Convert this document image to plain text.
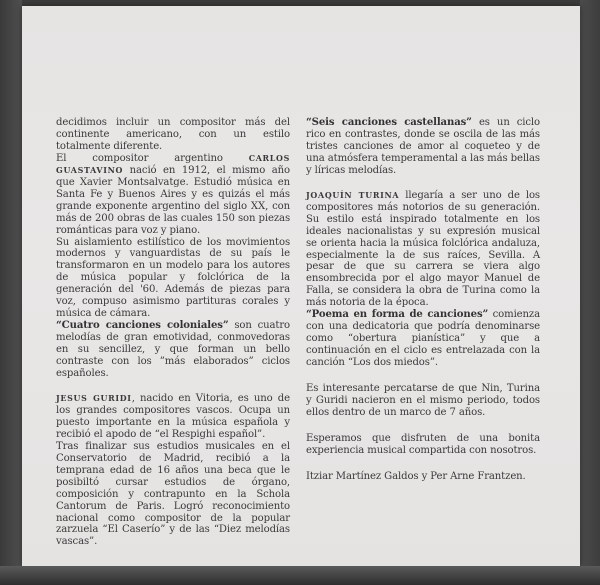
decidimos incluir un compositor más del continente americano, con un estilo totalmente diferente.

El compositor argentino	CARLOS GUASTAVINO nació en 1912, el mismo año que Xavier Montsalvatge. Estudió música en Santa Fe y Buenos Aires y es quizás el más grande exponente argentino del siglo XX, con más de 200 obras de las cuales 150 son piezas románticas para voz y piano.

Su aislamiento estilístico de los movimientos modernos y vanguardistas de su país le transformaron en un modelo para los autores de música popular y folclórica de la generación del '60. Además de piezas para voz, compuso asimismo partituras corales y música de cámara.

“Cuatro canciones coloniales” son cuatro melodías de gran emotividad, conmovedoras en su sencillez, y que forman un bello contraste con los ”más elaborados” ciclos españoles.

JESUS GURIDI, nacido en Vitoria, es uno de los grandes compositores vascos. Ocupa un puesto importante en la música española y recibió el apodo de “el Respighi español”.

Tras finalizar sus estudios musicales en el Conservatorio de Madrid, recibió a la temprana edad de 16 años una beca que le posibiltó cursar estudios de órgano, composición y contrapunto en la Schola Cantorum de Paris. Logró reconocimiento nacional como compositor de la popular zarzuela “El Caserío” y de las “Diez melodías vascas”.

“Seis canciones castellanas” es un ciclo rico en contrastes, donde se oscila de las más tristes canciones de amor al coqueteo y de una atmósfera temperamental a las más bellas y líricas melodías.

JOAQUÍN TURINA llegaría a ser uno de los compositores más notorios de su generación. Su estilo está inspirado totalmente en los ideales nacionalistas y su expresión musical se orienta hacia la música folclórica andaluza, especialmente la de sus raíces, Sevilla. A pesar de que su carrera se viera algo ensombrecida por el algo mayor Manuel de Falla, se considera la obra de Turina como la más notoria de la época.

“Poema en forma de canciones” comienza con una dedicatoria que podría denominarse como “obertura pianística” y que a continuación en el ciclo es entrelazada con la canción “Los dos miedos”.

Es interesante percatarse de que Nin, Turina y Guridi nacieron en el mismo periodo, todos ellos dentro de un marco de 7 años.

Esperamos que disfruten de una bonita experiencia musical compartida con nosotros.

Itziar Martínez Galdos y Per Arne Frantzen.
